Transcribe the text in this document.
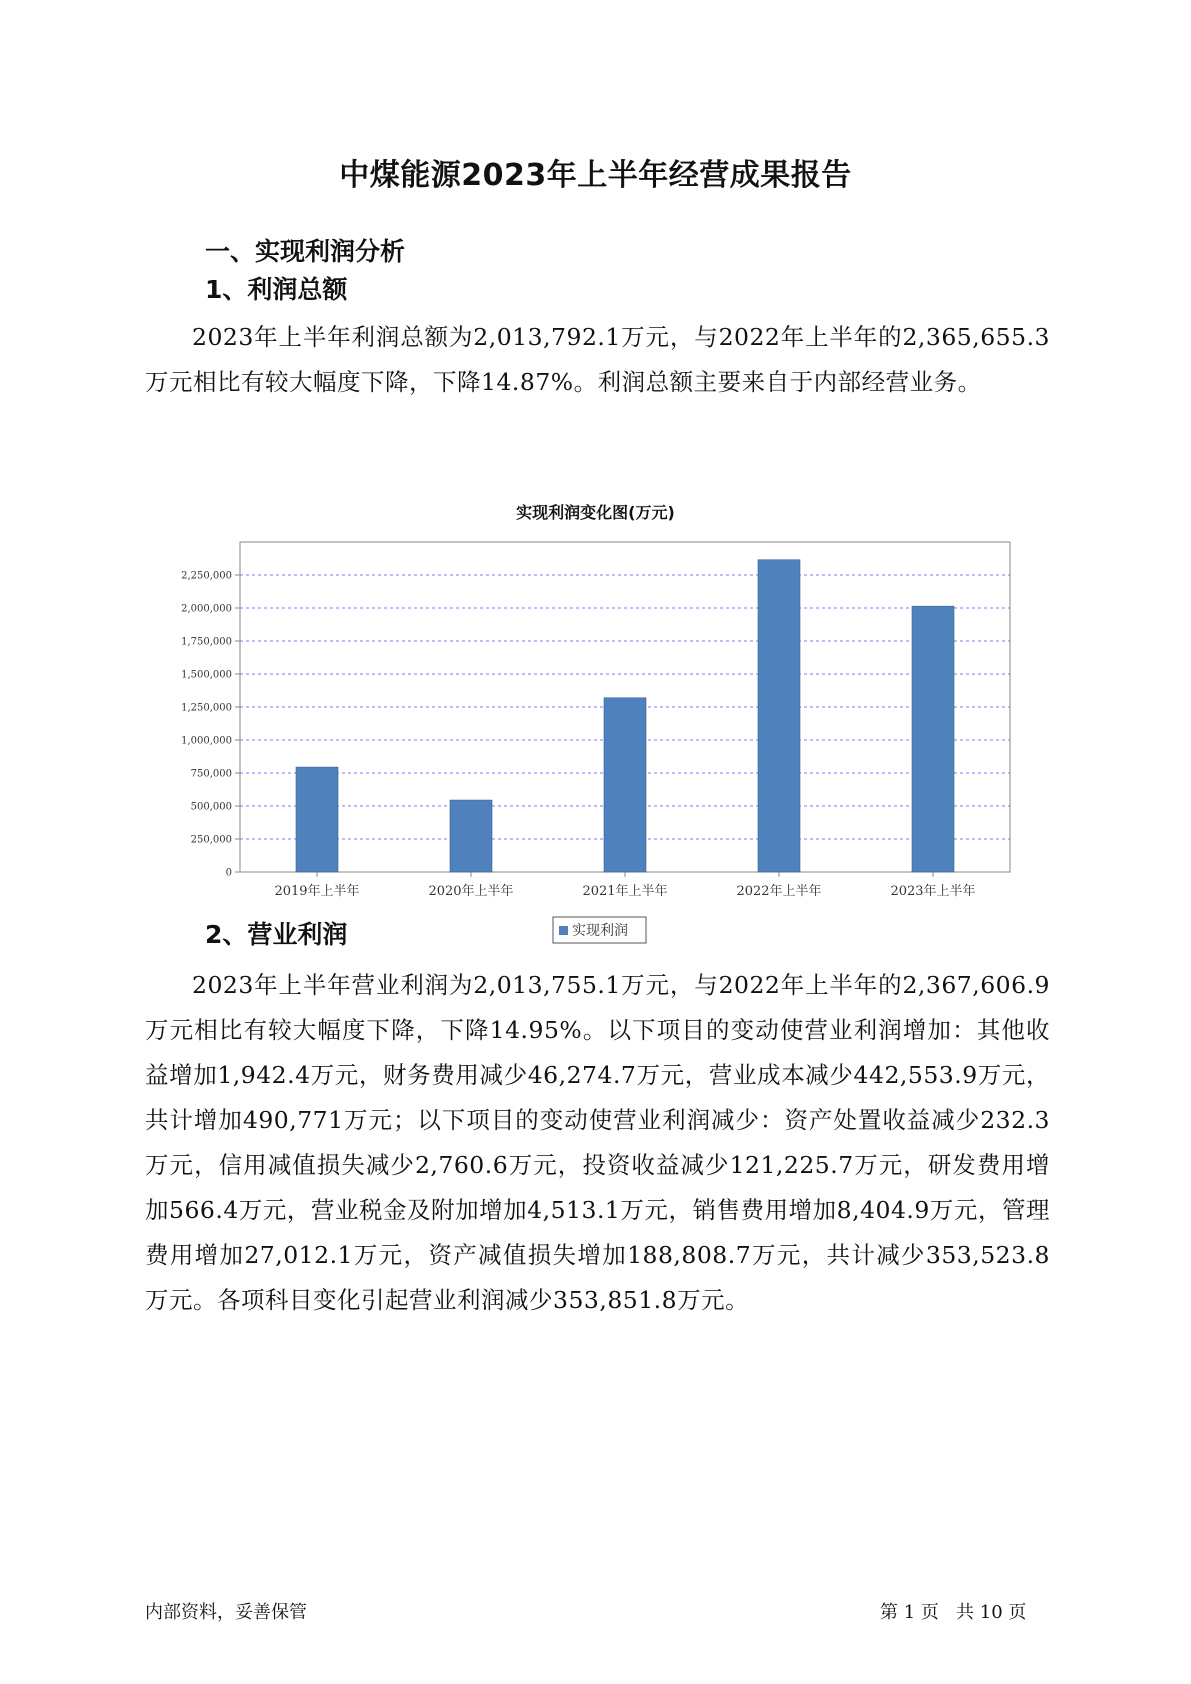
中煤能源2023年上半年经营成果报告
一、实现利润分析
1、利润总额
2023年上半年利润总额为2,013,792.1万元，与2022年上半年的2,365,655.3万元相比有较大幅度下降，下降14.87%。利润总额主要来自于内部经营业务。
实现利润变化图(万元)
0
250,000
500,000
750,000
1,000,000
1,250,000
1,500,000
1,750,000
2,000,000
2,250,000
2019年上半年	2020年上半年	2021年上半年	2022年上半年	2023年上半年
实现利润
2、营业利润
2023年上半年营业利润为2,013,755.1万元，与2022年上半年的2,367,606.9万元相比有较大幅度下降，下降14.95%。以下项目的变动使营业利润增加：其他收益增加1,942.4万元，财务费用减少46,274.7万元，营业成本减少442,553.9万元，共计增加490,771万元；以下项目的变动使营业利润减少：资产处置收益减少232.3万元，信用减值损失减少2,760.6万元，投资收益减少121,225.7万元，研发费用增加566.4万元，营业税金及附加增加4,513.1万元，销售费用增加8,404.9万元，管理费用增加27,012.1万元，资产减值损失增加188,808.7万元，共计减少353,523.8万元。各项科目变化引起营业利润减少353,851.8万元。
内部资料，妥善保管	第 1 页   共 10 页
